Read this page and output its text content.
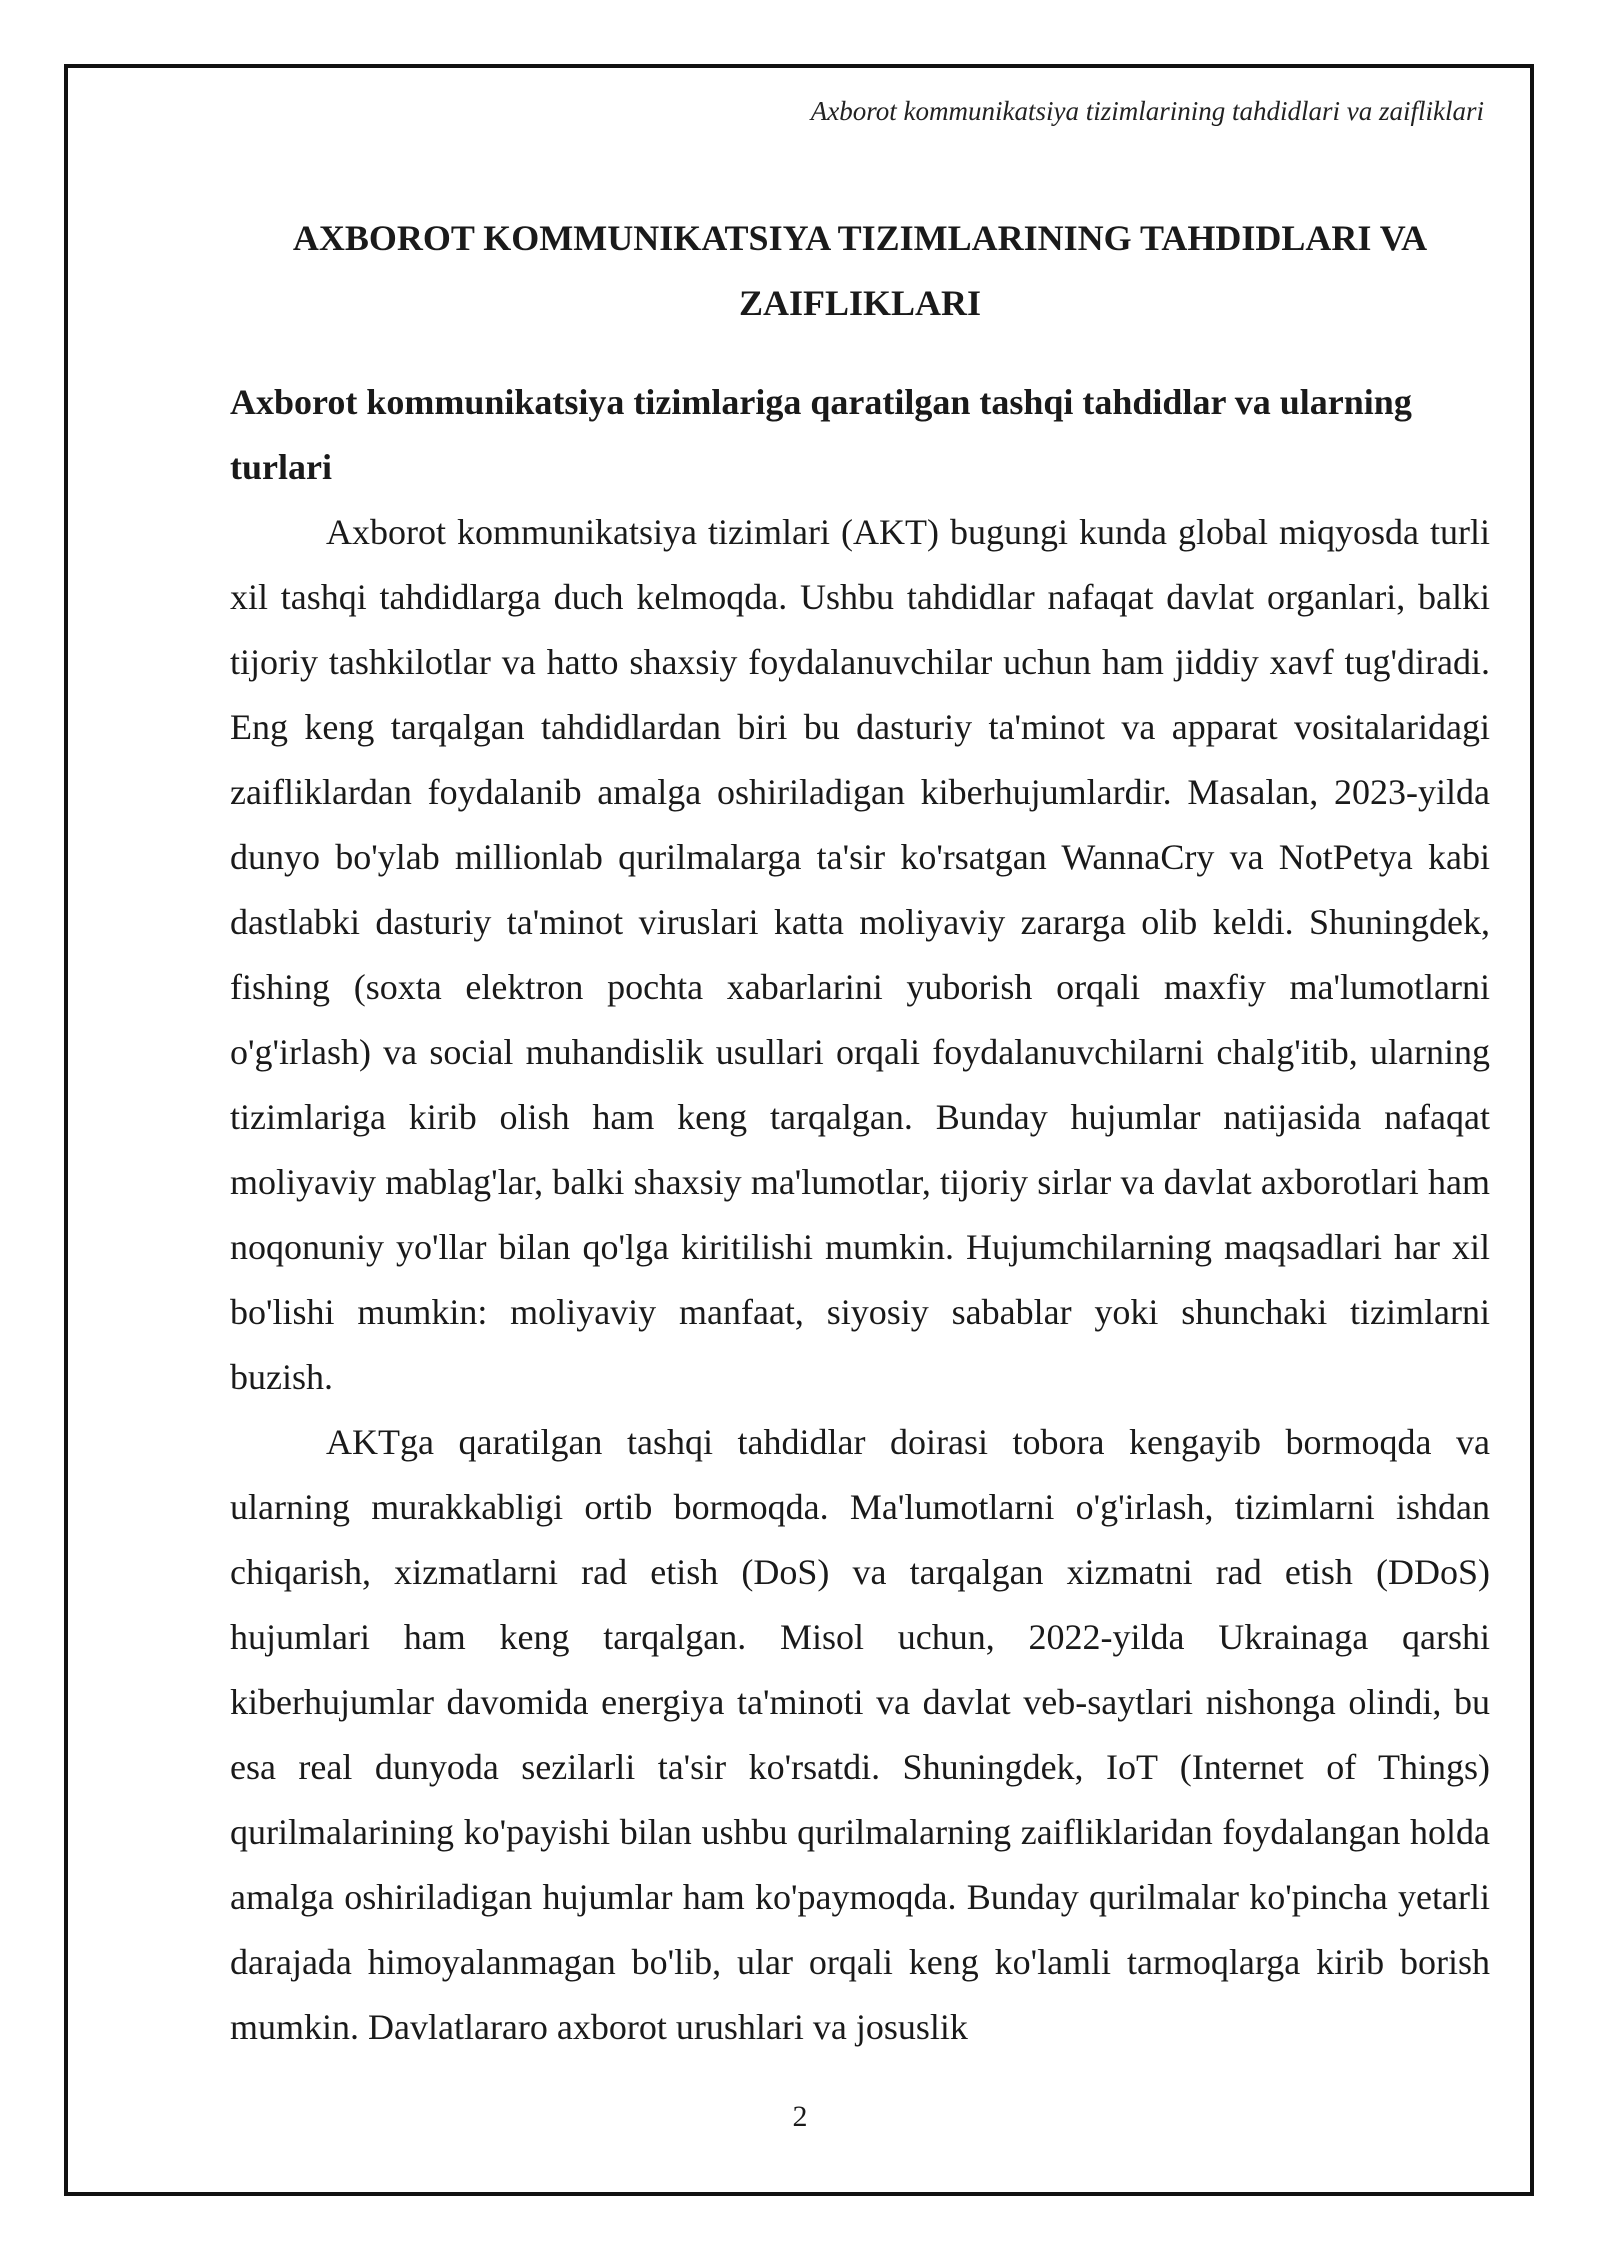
Axborot kommunikatsiya tizimlarining tahdidlari va zaifliklari
AXBOROT KOMMUNIKATSIYA TIZIMLARINING TAHDIDLARI VA ZAIFLIKLARI
Axborot kommunikatsiya tizimlariga qaratilgan tashqi tahdidlar va ularning turlari

Axborot kommunikatsiya tizimlari (AKT) bugungi kunda global miqyosda turli xil tashqi tahdidlarga duch kelmoqda. Ushbu tahdidlar nafaqat davlat organlari, balki tijoriy tashkilotlar va hatto shaxsiy foydalanuvchilar uchun ham jiddiy xavf tug'diradi. Eng keng tarqalgan tahdidlardan biri bu dasturiy ta'minot va apparat vositalaridagi zaifliklardan foydalanib amalga oshiriladigan kiberhujumlardir. Masalan, 2023-yilda dunyo bo'ylab millionlab qurilmalarga ta'sir ko'rsatgan WannaCry va NotPetya kabi dastlabki dasturiy ta'minot viruslari katta moliyaviy zararga olib keldi. Shuningdek, fishing (soxta elektron pochta xabarlarini yuborish orqali maxfiy ma'lumotlarni o'g'irlash) va social muhandislik usullari orqali foydalanuvchilarni chalg'itib, ularning tizimlariga kirib olish ham keng tarqalgan. Bunday hujumlar natijasida nafaqat moliyaviy mablag'lar, balki shaxsiy ma'lumotlar, tijoriy sirlar va davlat axborotlari ham noqonuniy yo'llar bilan qo'lga kiritilishi mumkin. Hujumchilarning maqsadlari har xil bo'lishi mumkin: moliyaviy manfaat, siyosiy sabablar yoki shunchaki tizimlarni buzish.

AKTga qaratilgan tashqi tahdidlar doirasi tobora kengayib bormoqda va ularning murakkabligi ortib bormoqda. Ma'lumotlarni o'g'irlash, tizimlarni ishdan chiqarish, xizmatlarni rad etish (DoS) va tarqalgan xizmatni rad etish (DDoS) hujumlari ham keng tarqalgan. Misol uchun, 2022-yilda Ukrainaga qarshi kiberhujumlar davomida energiya ta'minoti va davlat veb-saytlari nishonga olindi, bu esa real dunyoda sezilarli ta'sir ko'rsatdi. Shuningdek, IoT (Internet of Things) qurilmalarining ko'payishi bilan ushbu qurilmalarning zaifliklaridan foydalangan holda amalga oshiriladigan hujumlar ham ko'paymoqda. Bunday qurilmalar ko'pincha yetarli darajada himoyalanmagan bo'lib, ular orqali keng ko'lamli tarmoqlarga kirib borish mumkin. Davlatlararo axborot urushlari va josuslik

2
